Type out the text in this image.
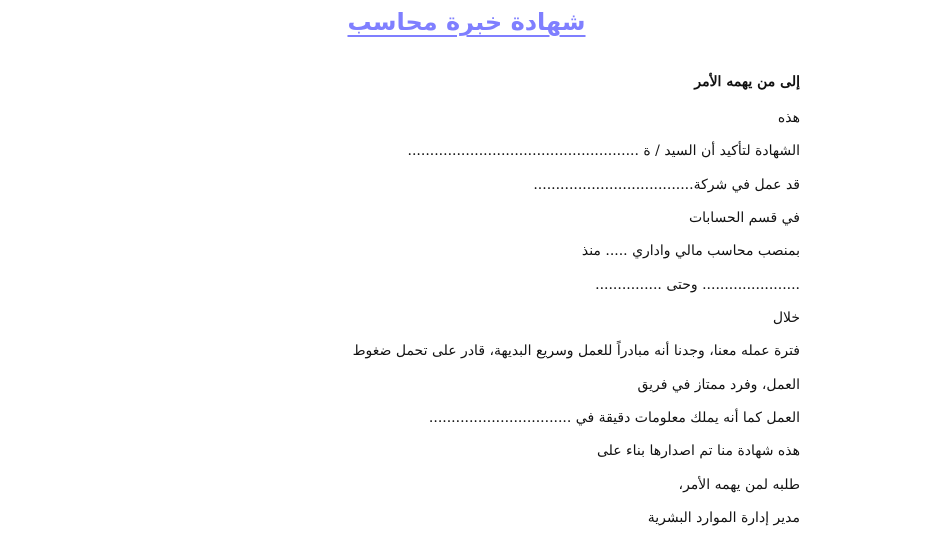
شهادة خبرة محاسب
إلى من يهمه الأمر
هذه
الشهادة لتأكيد أن السيد / ة ....................................................
قد عمل في شركة....................................
في قسم الحسابات
بمنصب محاسب مالي واداري ..... منذ
...................... وحتى ...............
خلال
فترة عمله معنا، وجدنا أنه مبادراً للعمل وسريع البديهة، قادر على تحمل ضغوط
العمل، وفرد ممتاز في فريق
العمل كما أنه يملك معلومات دقيقة في ................................
هذه شهادة منا تم اصدارها بناء على
طلبه لمن يهمه الأمر،
مدير إدارة الموارد البشرية
